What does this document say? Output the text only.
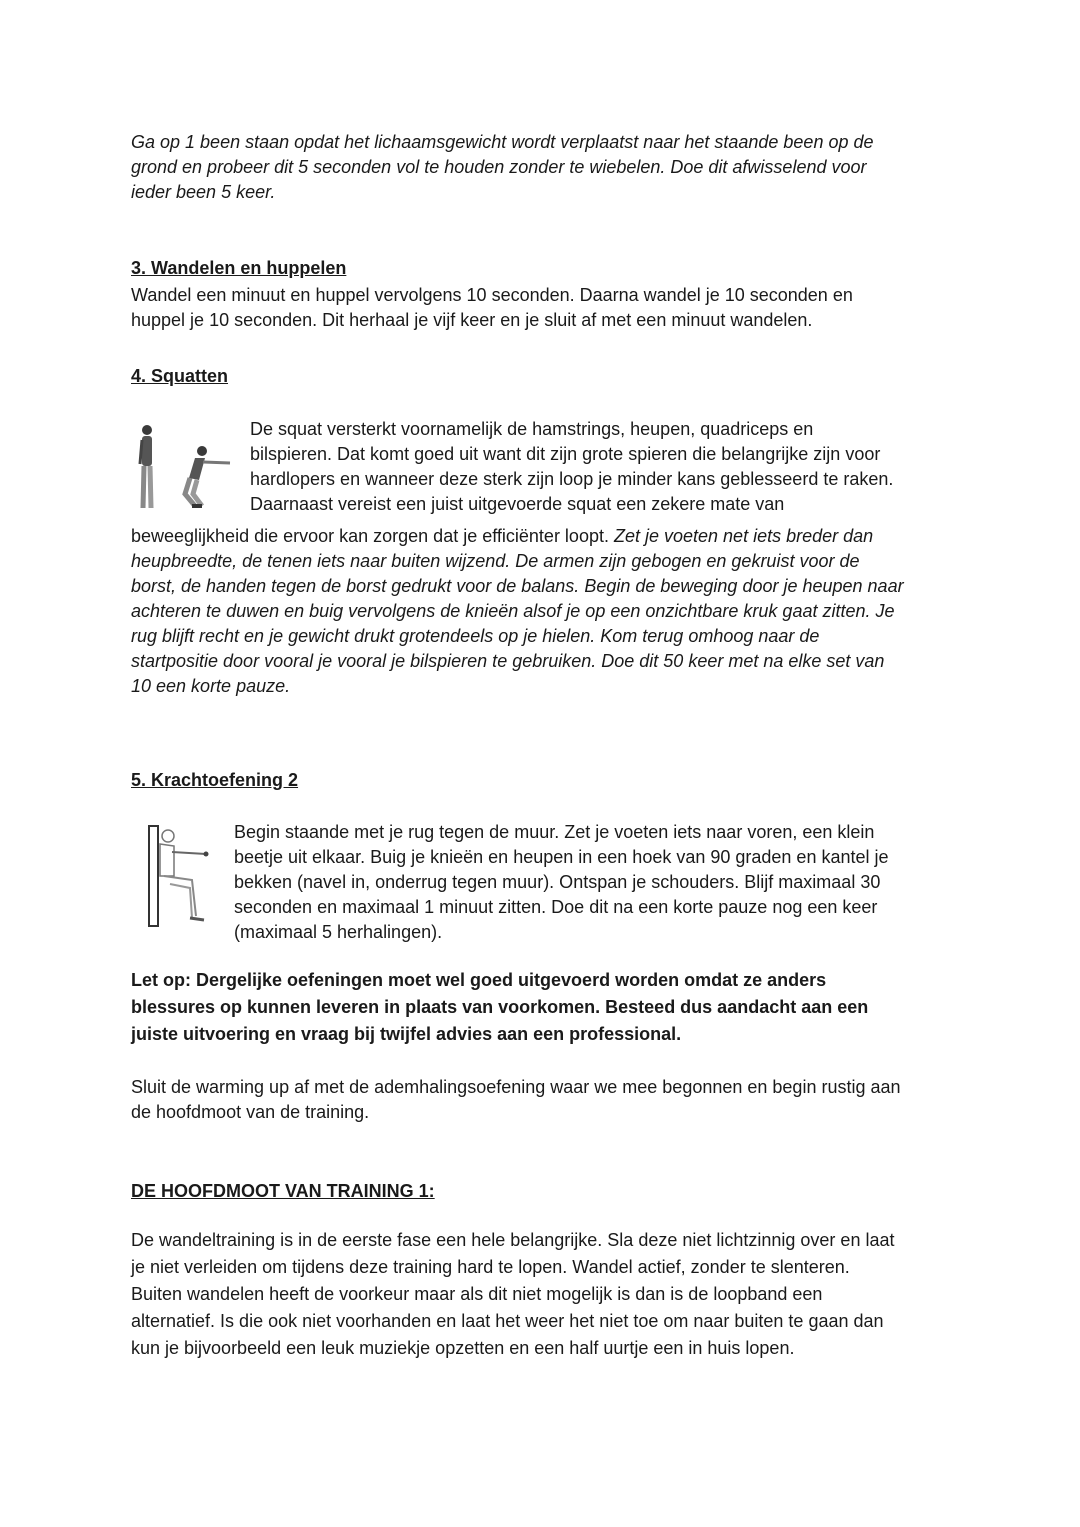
Ga op 1 been staan opdat het lichaamsgewicht wordt verplaatst naar het staande been op de
grond en probeer dit 5 seconden vol te houden zonder te wiebelen. Doe dit afwisselend voor
ieder been 5 keer.

3. Wandelen en huppelen

Wandel een minuut en huppel vervolgens 10 seconden. Daarna wandel je 10 seconden en
huppel je 10 seconden. Dit herhaal je vijf keer en je sluit af met een minuut wandelen.

4. Squatten

De squat versterkt voornamelijk de hamstrings, heupen, quadriceps en
bilspieren. Dat komt goed uit want dit zijn grote spieren die belangrijke zijn voor
hardlopers en wanneer deze sterk zijn loop je minder kans geblesseerd te raken.
Daarnaast vereist een juist uitgevoerde squat een zekere mate van

beweeglijkheid die ervoor kan zorgen dat je efficiënter loopt. Zet je voeten net iets breder dan
heupbreedte, de tenen iets naar buiten wijzend. De armen zijn gebogen en gekruist voor de
borst, de handen tegen de borst gedrukt voor de balans. Begin de beweging door je heupen naar
achteren te duwen en buig vervolgens de knieën alsof je op een onzichtbare kruk gaat zitten. Je
rug blijft recht en je gewicht drukt grotendeels op je hielen. Kom terug omhoog naar de
startpositie door vooral je vooral je bilspieren te gebruiken. Doe dit 50 keer met na elke set van
10 een korte pauze.

5. Krachtoefening 2

Begin staande met je rug tegen de muur. Zet je voeten iets naar voren, een klein
beetje uit elkaar. Buig je knieën en heupen in een hoek van 90 graden en kantel je
bekken (navel in, onderrug tegen muur). Ontspan je schouders. Blijf maximaal 30
seconden en maximaal 1 minuut zitten. Doe dit na een korte pauze nog een keer
(maximaal 5 herhalingen).

Let op: Dergelijke oefeningen moet wel goed uitgevoerd worden omdat ze anders
blessures op kunnen leveren in plaats van voorkomen. Besteed dus aandacht aan een
juiste uitvoering en vraag bij twijfel advies aan een professional.

Sluit de warming up af met de ademhalingsoefening waar we mee begonnen en begin rustig aan
de hoofdmoot van de training.

DE HOOFDMOOT VAN TRAINING 1:

De wandeltraining is in de eerste fase een hele belangrijke. Sla deze niet lichtzinnig over en laat
je niet verleiden om tijdens deze training hard te lopen. Wandel actief, zonder te slenteren.
Buiten wandelen heeft de voorkeur maar als dit niet mogelijk is dan is de loopband een
alternatief. Is die ook niet voorhanden en laat het weer het niet toe om naar buiten te gaan dan
kun je bijvoorbeeld een leuk muziekje opzetten en een half uurtje een in huis lopen.
